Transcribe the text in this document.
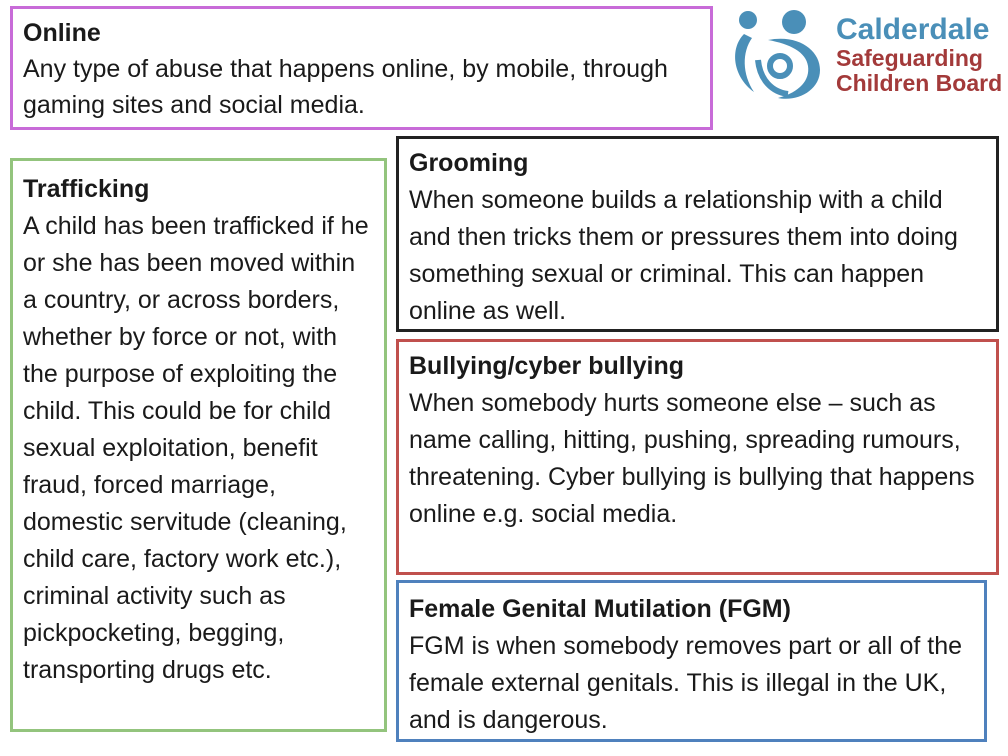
Online
Any type of abuse that happens online, by mobile, through gaming sites and social media.
Calderdale
Safeguarding
Children Board
Trafficking
A child has been trafficked if he or she has been moved within a country, or across borders, whether by force or not, with the purpose of exploiting the child. This could be for child sexual exploitation, benefit fraud, forced marriage, domestic servitude (cleaning, child care, factory work etc.), criminal activity such as pickpocketing, begging, transporting drugs etc.
Grooming
When someone builds a relationship with a child and then tricks them or pressures them into doing something sexual or criminal. This can happen online as well.
Bullying/cyber bullying
When somebody hurts someone else – such as name calling, hitting, pushing, spreading rumours, threatening. Cyber bullying is bullying that happens online e.g. social media.
Female Genital Mutilation (FGM)
FGM is when somebody removes part or all of the female external genitals. This is illegal in the UK, and is dangerous.
